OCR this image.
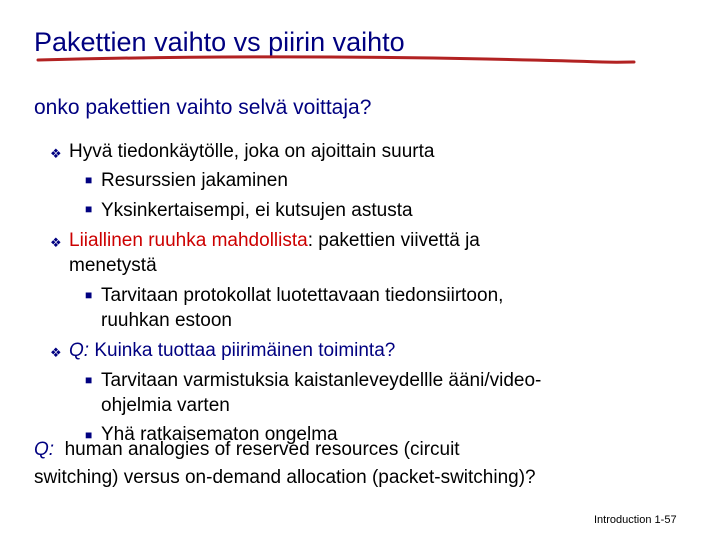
Pakettien vaihto vs piirin vaihto
onko pakettien vaihto selvä voittaja?
❖ Hyvä tiedonkäytölle, joka on ajoittain suurta
■ Resurssien jakaminen
■ Yksinkertaisempi, ei kutsujen astusta
❖ Liiallinen ruuhka mahdollista: pakettien viivettä ja
menetystä
■ Tarvitaan protokollat luotettavaan tiedonsiirtoon,
ruuhkan estoon
❖ Q: Kuinka tuottaa piirimäinen toiminta?
■ Tarvitaan varmistuksia kaistanleveydellle ääni/video-
ohjelmia varten
■ Yhä ratkaisematon ongelma
Q:  human analogies of reserved resources (circuit
switching) versus on-demand allocation (packet-switching)?
Introduction 1-57
